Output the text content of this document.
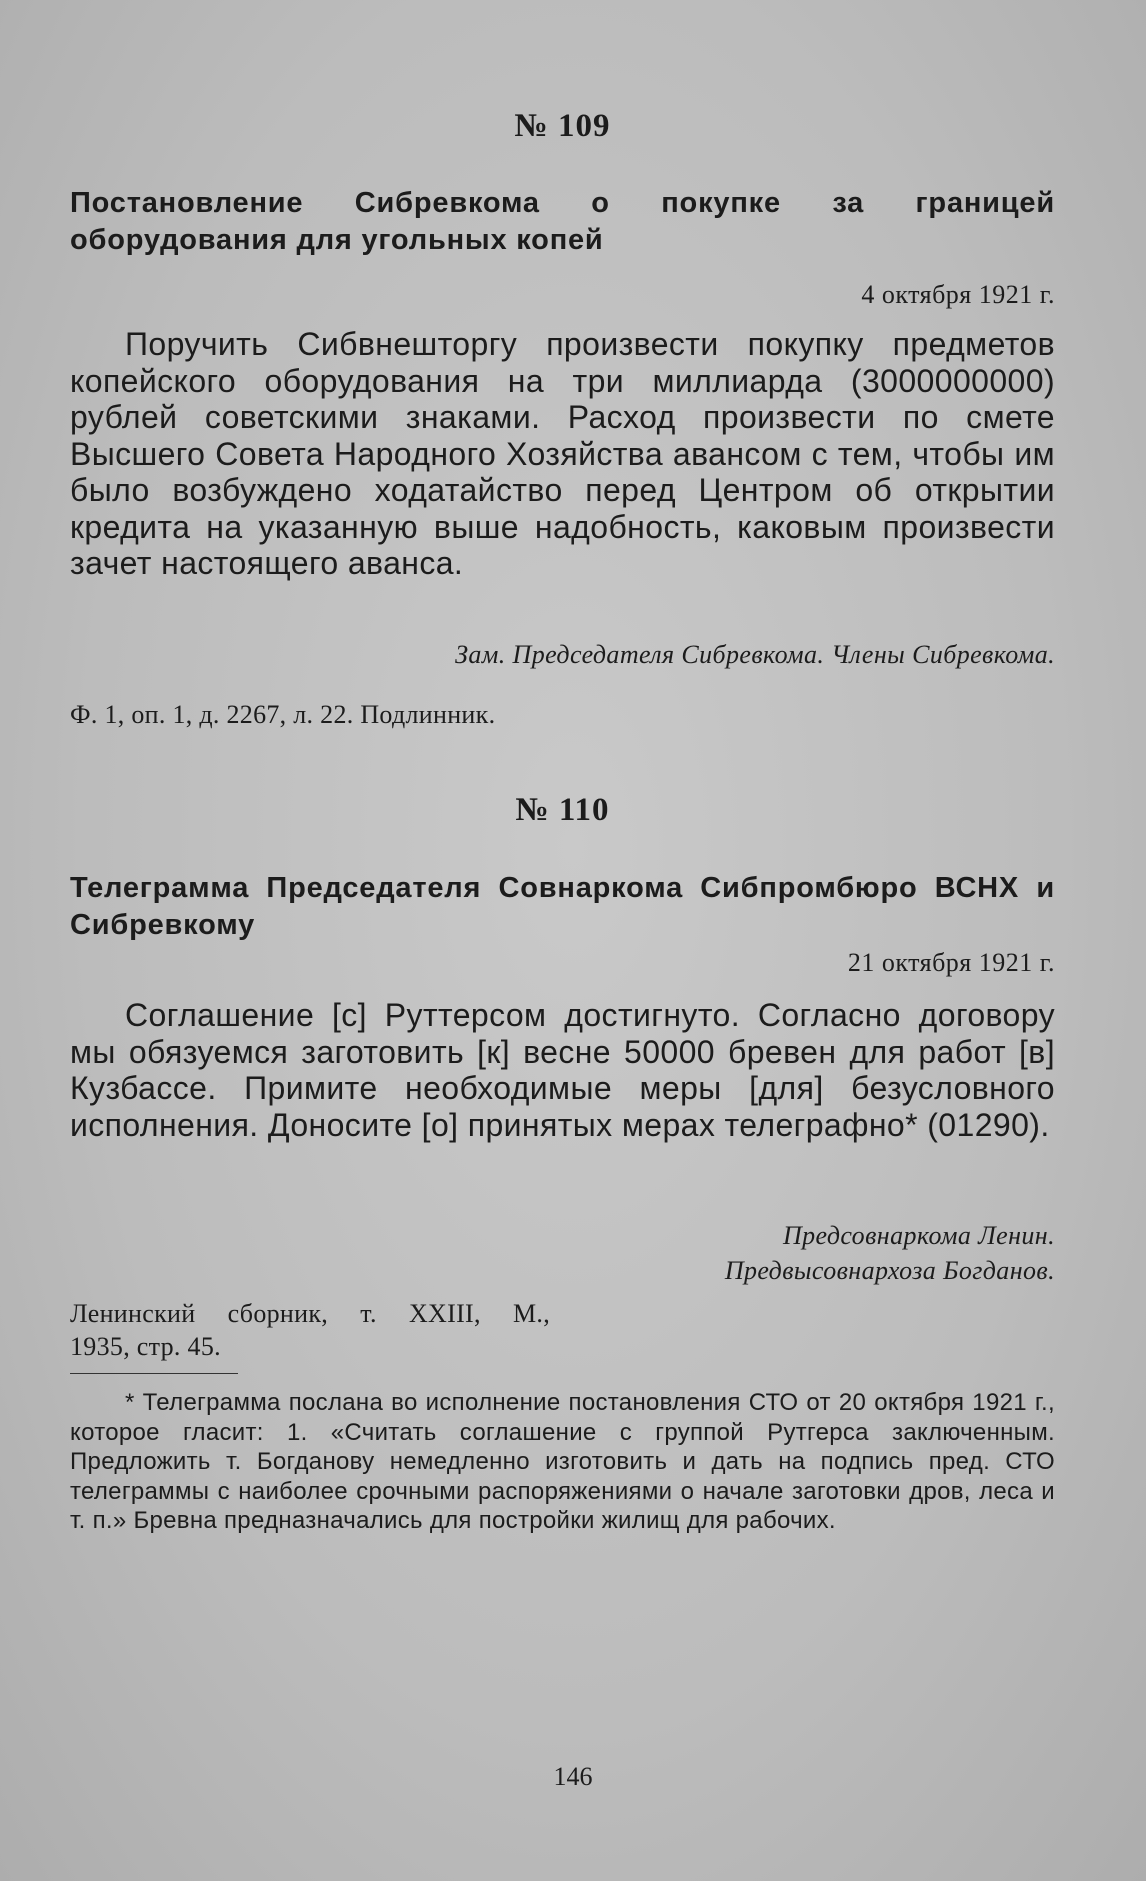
№ 109
Постановление Сибревкома о покупке за границей оборудования для угольных копей
4 октября 1921 г.
Поручить Сибвнешторгу произвести покупку предметов копейского оборудования на три миллиарда (3000000000) рублей советскими знаками. Расход произвести по смете Высшего Совета Народного Хозяйства авансом с тем, чтобы им было возбуждено ходатайство перед Центром об открытии кредита на указанную выше надобность, каковым произвести зачет настоящего аванса.
Зам. Председателя Сибревкома. Члены Сибревкома.
Ф. 1, оп. 1, д. 2267, л. 22. Подлинник.
№ 110
Телеграмма Председателя Совнаркома Сибпромбюро ВСНХ и Сибревкому
21 октября 1921 г.
Соглашение [с] Руттерсом достигнуто. Согласно договору мы обязуемся заготовить [к] весне 50000 бревен для работ [в] Кузбассе. Примите необходимые меры [для] безусловного исполнения. Доносите [о] принятых мерах телеграфно* (01290).
Предсовнаркома Ленин.
Предвысовнархоза Богданов.
Ленинский сборник, т. XXIII, М.,
1935, стр. 45.
* Телеграмма послана во исполнение постановления СТО от 20 октября 1921 г., которое гласит: 1. «Считать соглашение с группой Рутгерса заключенным. Предложить т. Богданову немедленно изготовить и дать на подпись пред. СТО телеграммы с наиболее срочными распоряжениями о начале заготовки дров, леса и т. п.» Бревна предназначались для постройки жилищ для рабочих.
146
